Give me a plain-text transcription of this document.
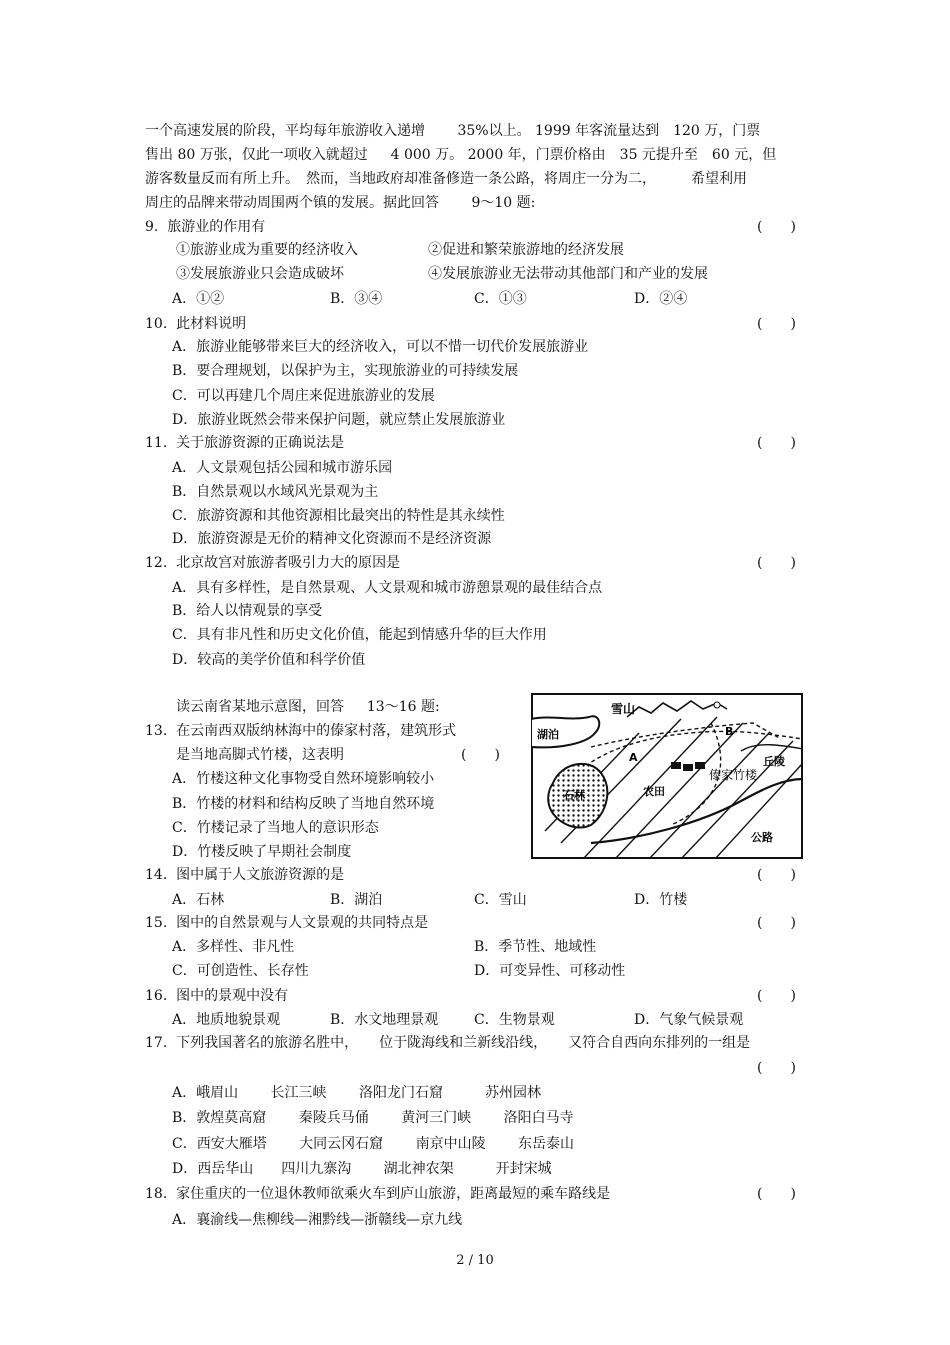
一个高速发展的阶段，平均每年旅游收入递增　　 35%以上。 1999 年客流量达到　120 万，门票
售出 80 万张，仅此一项收入就超过　  4 000 万。 2000 年，门票价格由　35 元提升至　60 元，但
游客数量反而有所上升。　然而，当地政府却准备修造一条公路，将周庄一分为二，　　　希望利用
周庄的品牌来带动周围两个镇的发展。据此回答　　 9～10 题:
9.  旅游业的作用有	(　　)
①旅游业成为重要的经济收入	②促进和繁荣旅游地的经济发展
③发展旅游业只会造成破坏	④发展旅游业无法带动其他部门和产业的发展
A．①②	B．③④	C．①③	D．②④
10.  此材料说明	(　　)
A．旅游业能够带来巨大的经济收入，可以不惜一切代价发展旅游业
B．要合理规划，以保护为主，实现旅游业的可持续发展
C．可以再建几个周庄来促进旅游业的发展
D．旅游业既然会带来保护问题，就应禁止发展旅游业
11.  关于旅游资源的正确说法是	(　　)
A．人文景观包括公园和城市游乐园
B．自然景观以水域风光景观为主
C．旅游资源和其他资源相比最突出的特性是其永续性
D．旅游资源是无价的精神文化资源而不是经济资源
12.  北京故宫对旅游者吸引力大的原因是	(　　)
A．具有多样性，是自然景观、人文景观和城市游憩景观的最佳结合点
B．给人以情观景的享受
C．具有非凡性和历史文化价值，能起到情感升华的巨大作用
D．较高的美学价值和科学价值
读云南省某地示意图，回答　  13～16 题:
13.  在云南西双版纳林海中的傣家村落，建筑形式
是当地高脚式竹楼，这表明	(　　)
A．竹楼这种文化事物受自然环境影响较小
B．竹楼的材料和结构反映了当地自然环境
C．竹楼记录了当地人的意识形态
D．竹楼反映了早期社会制度
雪山
湖泊
丘陵
A
B
傣家竹楼
石林	农田
公路
14.  图中属于人文旅游资源的是	(　　)
A．石林	B．湖泊	C．雪山	D．竹楼
15.  图中的自然景观与人文景观的共同特点是	(　　)
A．多样性、非凡性	B．季节性、地域性
C．可创造性、长存性	D．可变异性、可移动性
16.  图中的景观中没有	(　　)
A．地质地貌景观	B．水文地理景观	C．生物景观	D．气象气候景观
17.  下列我国著名的旅游名胜中，　　位于陇海线和兰新线沿线，　　又符合自西向东排列的一组是
(　　)
A．峨眉山　　 长江三峡　　 洛阳龙门石窟　　　苏州园林
B．敦煌莫高窟　　 秦陵兵马俑　　 黄河三门峡　　 洛阳白马寺
C．西安大雁塔　　 大同云冈石窟　　 南京中山陵　　 东岳泰山
D．西岳华山　　四川九寨沟　　 湖北神农架　　　开封宋城
18.  家住重庆的一位退休教师欲乘火车到庐山旅游，距离最短的乘车路线是	(　　)
A．襄渝线—焦柳线—湘黔线—浙赣线—京九线
2 / 10
